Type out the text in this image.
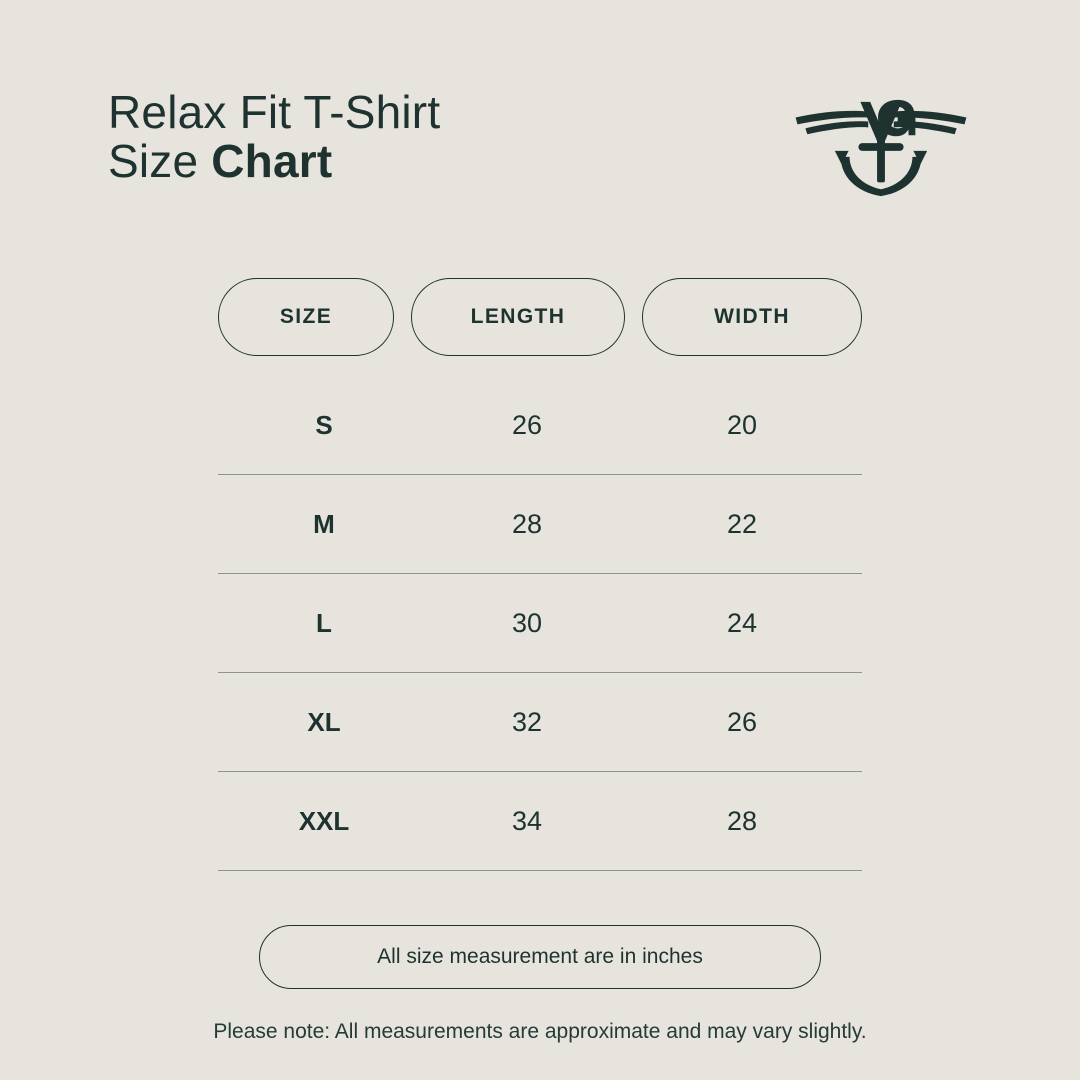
Relax Fit T-Shirt
Size Chart
SIZE	LENGTH	WIDTH
S	26	20
M	28	22
L	30	24
XL	32	26
XXL	34	28
All size measurement are in inches
Please note: All measurements are approximate and may vary slightly.
